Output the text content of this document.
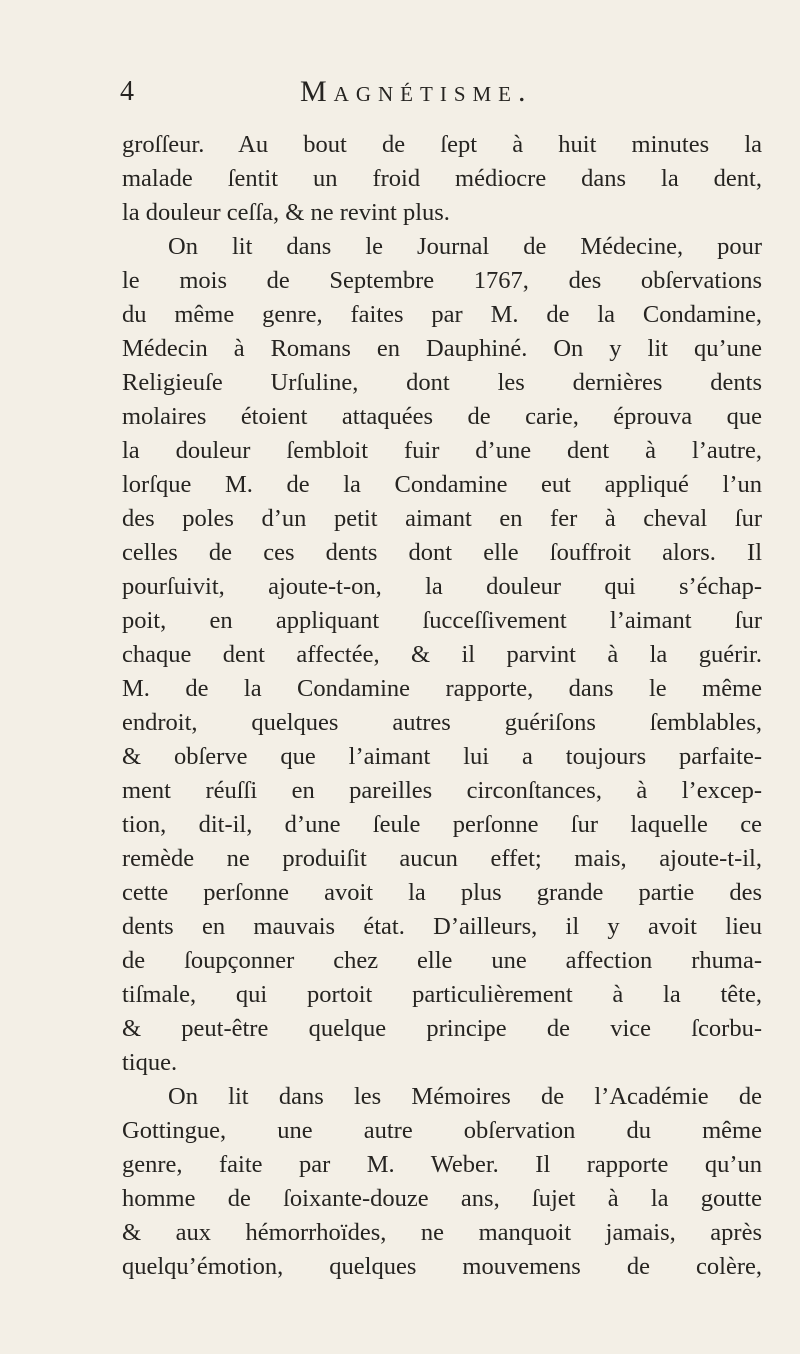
4	Magnétisme.
groſſeur. Au bout de ſept à huit minutes la
malade ſentit un froid médiocre dans la dent,
la douleur ceſſa, & ne revint plus.
On lit dans le Journal de Médecine, pour
le mois de Septembre 1767, des obſervations
du même genre, faites par M. de la Condamine,
Médecin à Romans en Dauphiné. On y lit qu’une
Religieuſe Urſuline, dont les dernières dents
molaires étoient attaquées de carie, éprouva que
la douleur ſembloit fuir d’une dent à l’autre,
lorſque M. de la Condamine eut appliqué l’un
des poles d’un petit aimant en fer à cheval ſur
celles de ces dents dont elle ſouffroit alors. Il
pourſuivit, ajoute-t-on, la douleur qui s’échap-
poit, en appliquant ſucceſſivement l’aimant ſur
chaque dent affectée, & il parvint à la guérir.
M. de la Condamine rapporte, dans le même
endroit, quelques autres guériſons ſemblables,
& obſerve que l’aimant lui a toujours parfaite-
ment réuſſi en pareilles circonſtances, à l’excep-
tion, dit-il, d’une ſeule perſonne ſur laquelle ce
remède ne produiſit aucun effet; mais, ajoute-t-il,
cette perſonne avoit la plus grande partie des
dents en mauvais état. D’ailleurs, il y avoit lieu
de ſoupçonner chez elle une affection rhuma-
tiſmale, qui portoit particulièrement à la tête,
& peut-être quelque principe de vice ſcorbu-
tique.
On lit dans les Mémoires de l’Académie de
Gottingue, une autre obſervation du même
genre, faite par M. Weber. Il rapporte qu’un
homme de ſoixante-douze ans, ſujet à la goutte
& aux hémorrhoïdes, ne manquoit jamais, après
quelqu’émotion, quelques mouvemens de colère,
